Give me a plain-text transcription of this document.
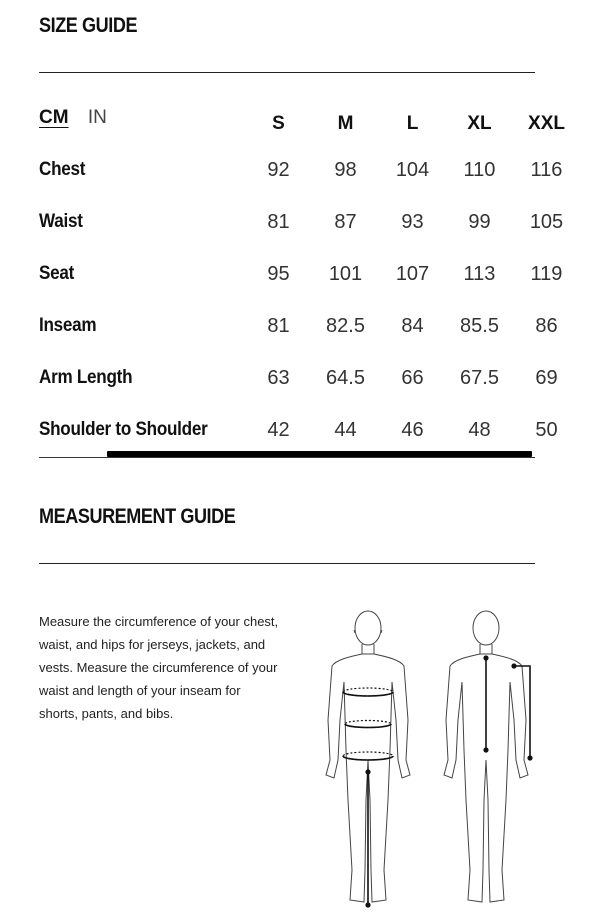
SIZE GUIDE
CM IN
		S	M	L	XL	XXL
Chest	92	98	104	110	116
Waist	81	87	93	99	105
Seat	95	101	107	113	119
Inseam	81	82.5	84	85.5	86
Arm Length	63	64.5	66	67.5	69
Shoulder to Shoulder	42	44	46	48	50
MEASUREMENT GUIDE
Measure the circumference of your chest, waist, and hips for jerseys, jackets, and vests. Measure the circumference of your waist and length of your inseam for shorts, pants, and bibs.
